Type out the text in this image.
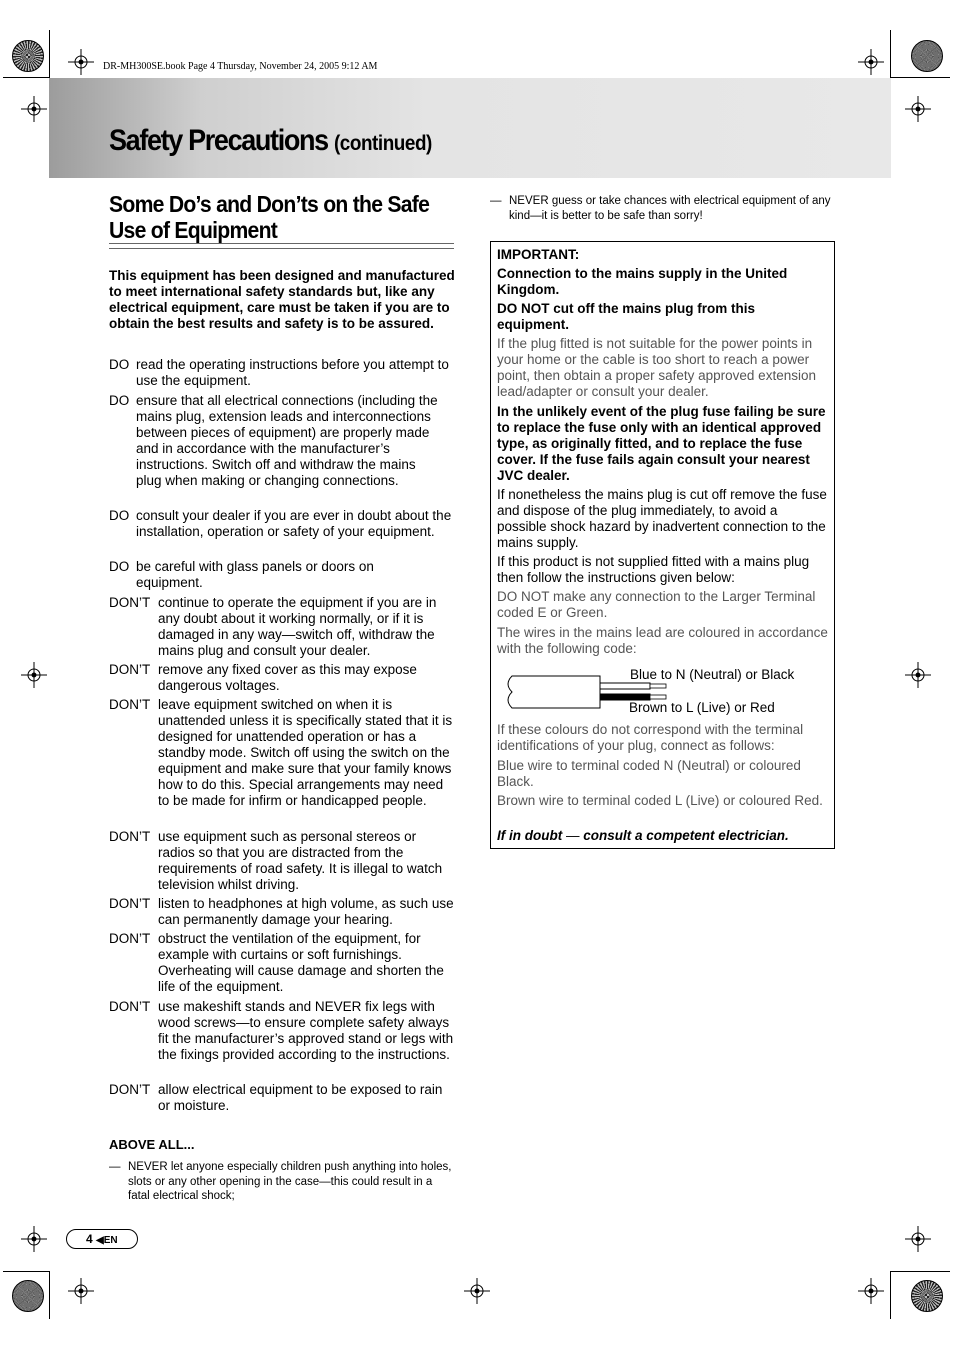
DR-MH300SE.book Page 4 Thursday, November 24, 2005 9:12 AM
Safety Precautions (continued)
Some Do’s and Don’ts on the Safe Use of Equipment
This equipment has been designed and manufactured to meet international safety standards but, like any electrical equipment, care must be taken if you are to obtain the best results and safety is to be assured.
DO read the operating instructions before you attempt to use the equipment.
DO ensure that all electrical connections (including the mains plug, extension leads and interconnections between pieces of equipment) are properly made and in accordance with the manufacturer’s instructions. Switch off and withdraw the mains plug when making or changing connections.
DO consult your dealer if you are ever in doubt about the installation, operation or safety of your equipment.
DO be careful with glass panels or doors on equipment.
DON’T continue to operate the equipment if you are in any doubt about it working normally, or if it is damaged in any way—switch off, withdraw the mains plug and consult your dealer.
DON’T remove any fixed cover as this may expose dangerous voltages.
DON’T leave equipment switched on when it is unattended unless it is specifically stated that it is designed for unattended operation or has a standby mode. Switch off using the switch on the equipment and make sure that your family knows how to do this. Special arrangements may need to be made for infirm or handicapped people.
DON’T use equipment such as personal stereos or radios so that you are distracted from the requirements of road safety. It is illegal to watch television whilst driving.
DON’T listen to headphones at high volume, as such use can permanently damage your hearing.
DON’T obstruct the ventilation of the equipment, for example with curtains or soft furnishings. Overheating will cause damage and shorten the life of the equipment.
DON’T use makeshift stands and NEVER fix legs with wood screws—to ensure complete safety always fit the manufacturer’s approved stand or legs with the fixings provided according to the instructions.
DON’T allow electrical equipment to be exposed to rain or moisture.
ABOVE ALL...
— NEVER let anyone especially children push anything into holes, slots or any other opening in the case—this could result in a fatal electrical shock;
— NEVER guess or take chances with electrical equipment of any kind—it is better to be safe than sorry!
IMPORTANT:
Connection to the mains supply in the United Kingdom.
DO NOT cut off the mains plug from this equipment.
If the plug fitted is not suitable for the power points in your home or the cable is too short to reach a power point, then obtain a proper safety approved extension lead/adapter or consult your dealer.
In the unlikely event of the plug fuse failing be sure to replace the fuse only with an identical approved type, as originally fitted, and to replace the fuse cover. If the fuse fails again consult your nearest JVC dealer.
If nonetheless the mains plug is cut off remove the fuse and dispose of the plug immediately, to avoid a possible shock hazard by inadvertent connection to the mains supply.
If this product is not supplied fitted with a mains plug then follow the instructions given below:
DO NOT make any connection to the Larger Terminal coded E or Green.
The wires in the mains lead are coloured in accordance with the following code:
Blue to N (Neutral) or Black
Brown to L (Live) or Red
If these colours do not correspond with the terminal identifications of your plug, connect as follows:
Blue wire to terminal coded N (Neutral) or coloured Black.
Brown wire to terminal coded L (Live) or coloured Red.
If in doubt — consult a competent electrician.
4 ◀EN
